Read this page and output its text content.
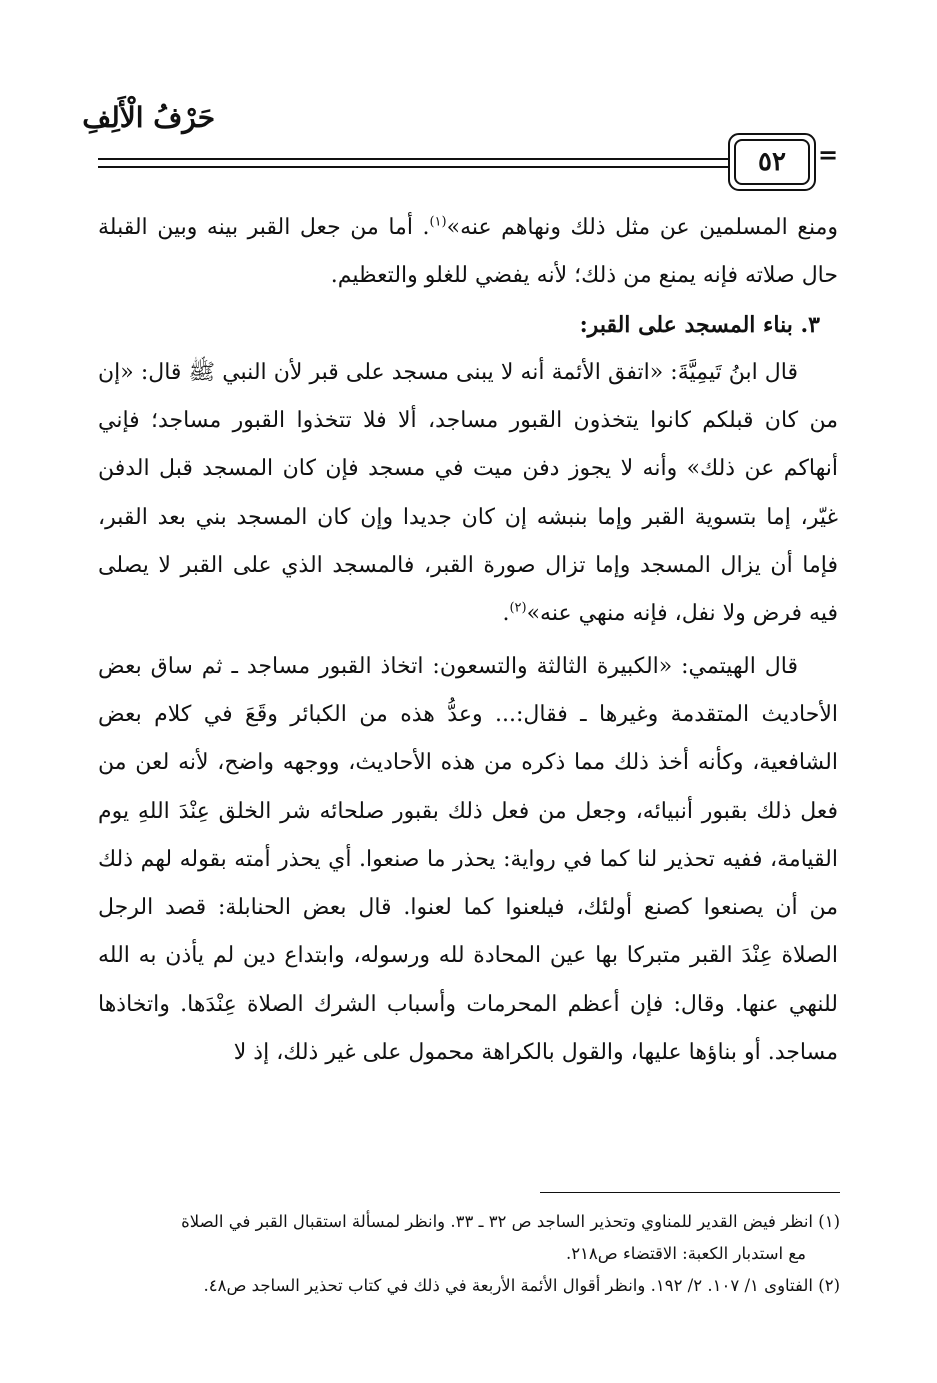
حَرْفُ الْأَلِفِ
٥٢	=

ومنع المسلمين عن مثل ذلك ونهاهم عنه»$^{(١)}$. أما من جعل القبر بينه وبين القبلة حال صلاته فإنه يمنع من ذلك؛ لأنه يفضي للغلو والتعظيم.

٣. بناء المسجد على القبر:

قال ابنُ تَيمِيَّةَ: «اتفق الأئمة أنه لا يبنى مسجد على قبر لأن النبي ﷺ قال: «إن من كان قبلكم كانوا يتخذون القبور مساجد، ألا فلا تتخذوا القبور مساجد؛ فإني أنهاكم عن ذلك» وأنه لا يجوز دفن ميت في مسجد فإن كان المسجد قبل الدفن غيّر، إما بتسوية القبر وإما بنبشه إن كان جديدا وإن كان المسجد بني بعد القبر، فإما أن يزال المسجد وإما تزال صورة القبر، فالمسجد الذي على القبر لا يصلى فيه فرض ولا نفل، فإنه منهي عنه»$^{(٢)}$.

قال الهيتمي: «الكبيرة الثالثة والتسعون: اتخاذ القبور مساجد ـ ثم ساق بعض الأحاديث المتقدمة وغيرها ـ فقال:... وعدُّ هذه من الكبائر وقَعَ في كلام بعض الشافعية، وكأنه أخذ ذلك مما ذكره من هذه الأحاديث، ووجهه واضح، لأنه لعن من فعل ذلك بقبور أنبيائه، وجعل من فعل ذلك بقبور صلحائه شر الخلق عِنْدَ اللهِ يوم القيامة، ففيه تحذير لنا كما في رواية: يحذر ما صنعوا. أي يحذر أمته بقوله لهم ذلك من أن يصنعوا كصنع أولئك، فيلعنوا كما لعنوا. قال بعض الحنابلة: قصد الرجل الصلاة عِنْدَ القبر متبركا بها عين المحادة لله ورسوله، وابتداع دين لم يأذن به الله للنهي عنها. وقال: فإن أعظم المحرمات وأسباب الشرك الصلاة عِنْدَها. واتخاذها مساجد. أو بناؤها عليها، والقول بالكراهة محمول على غير ذلك، إذ لا

(١) انظر فيض القدير للمناوي وتحذير الساجد ص ٣٢ ـ ٣٣. وانظر لمسألة استقبال القبر في الصلاة

مع استدبار الكعبة: الاقتضاء ص٢١٨.

(٢) الفتاوى ١/ ١٠٧. ٢/ ١٩٢. وانظر أقوال الأئمة الأربعة في ذلك في كتاب تحذير الساجد ص٤٨.
